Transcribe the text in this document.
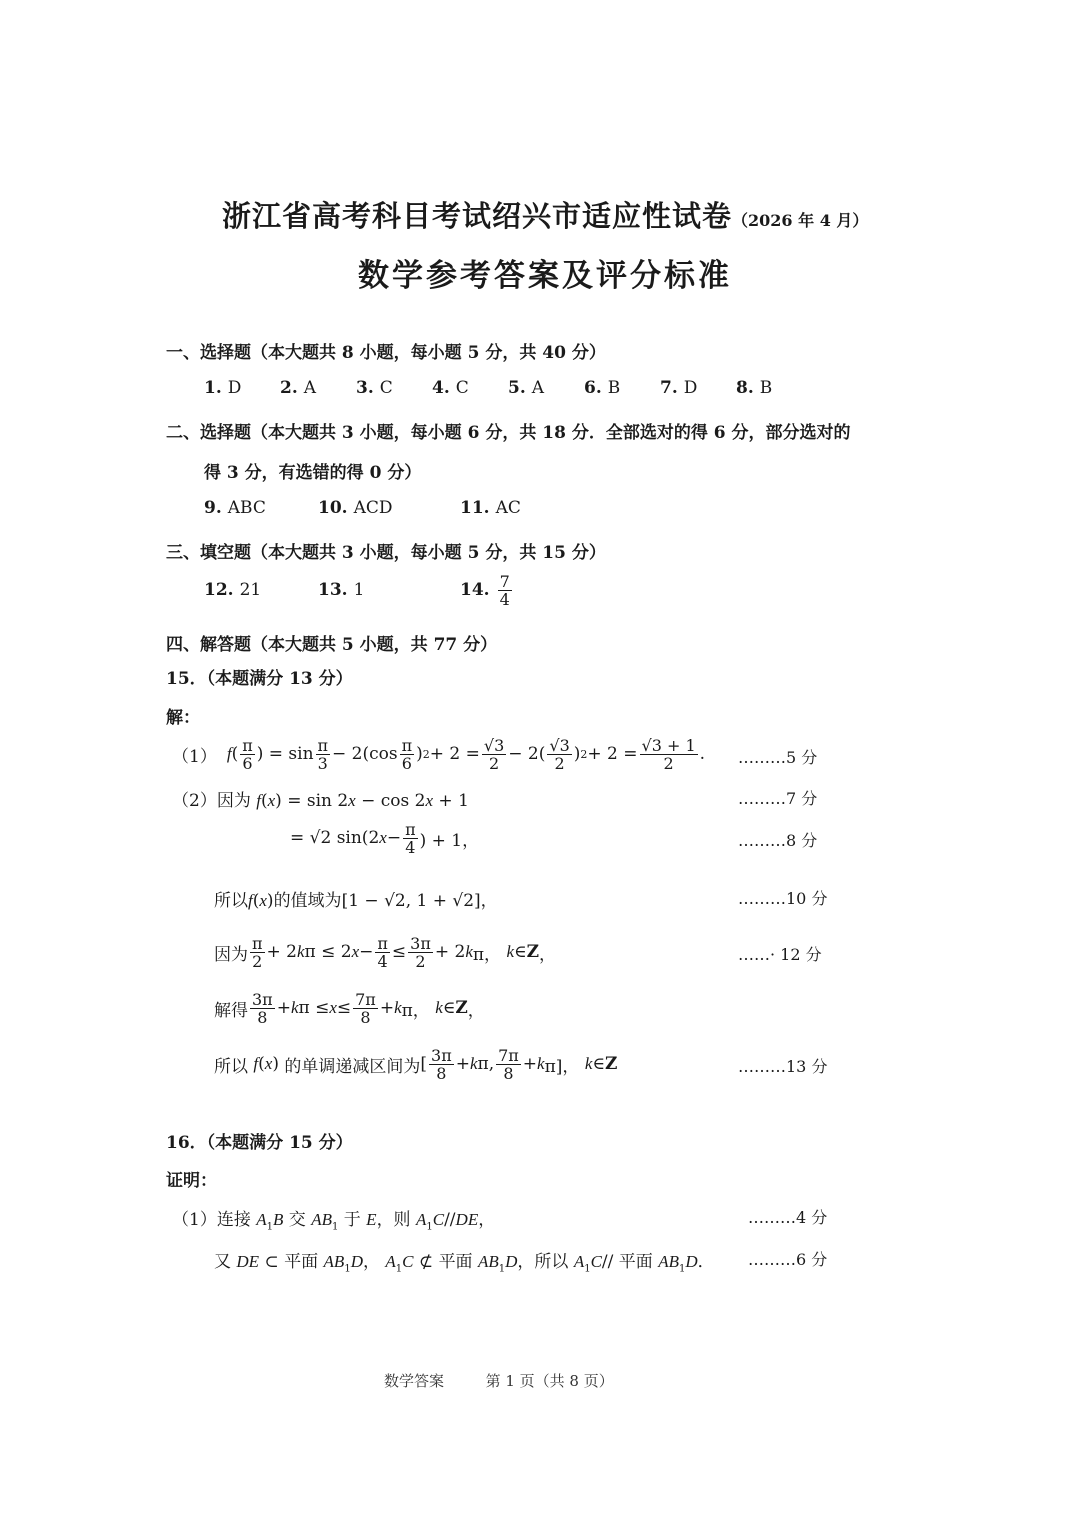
浙江省高考科目考试绍兴市适应性试卷（2026 年 4 月）
数学参考答案及评分标准
一、选择题（本大题共 8 小题，每小题 5 分，共 40 分）
1. D	2. A	3. C	4. C	5. A	6. B	7. D	8. B
二、选择题（本大题共 3 小题，每小题 6 分，共 18 分．全部选对的得 6 分，部分选对的
得 3 分，有选错的得 0 分）
9. ABC	10. ACD	11. AC
三、填空题（本大题共 3 小题，每小题 5 分，共 15 分）
12. 21	13. 1	14. $\frac{7}{4}$
四、解答题（本大题共 5 小题，共 77 分）
15．（本题满分 13 分）
解：
（1） f ( $\frac{\pi}{6}$ ) = $\sin \frac{\pi}{3} - 2(\cos \frac{\pi}{6}$ ) $2 + 2 = \frac{√3}{2} - 2( \frac{√3}{2}$ ) $2 + 2 = \frac{√3 + 1}{2}$ . ………5 分
（2）因为 f(x) = sin 2x − cos 2x + 1	………7 分
= √2 sin(2 $x - \frac{\pi}{4}$ ) + 1，	………8 分
所以f(x)的值域为[1 − √2, 1 + √2]，	………10 分
因为 $\frac{\pi}{2} + 2$ k π ≤ 2 $x - \frac{\pi}{4} \le \frac{3\pi}{2} + 2$ k π， k ∈ Z ，	……· 12 分
解得 $\frac{3\pi}{8} + k$ $\pi \le x \le \frac{7\pi}{8} + k$ π， k ∈ Z ，
所以
f ( x ) 的单调递减区间为 [ $\frac{3\pi}{8} + k$ π, $\frac{7\pi}{8} + k$ π]， k ∈ Z	………13 分
16．（本题满分 15 分）
证明：
（1）连接 $A_1B$ 交 $AB_1$ 于 E，则 $A_1C//DE$，	………4 分
又 DE ⊂ 平面 $AB_1D$， $A_1C$ ⊄ 平面 $AB_1D$，所以 $A_1C//$ 平面 $AB_1D$． ………6 分
数学答案	第 1 页（共 8 页）
